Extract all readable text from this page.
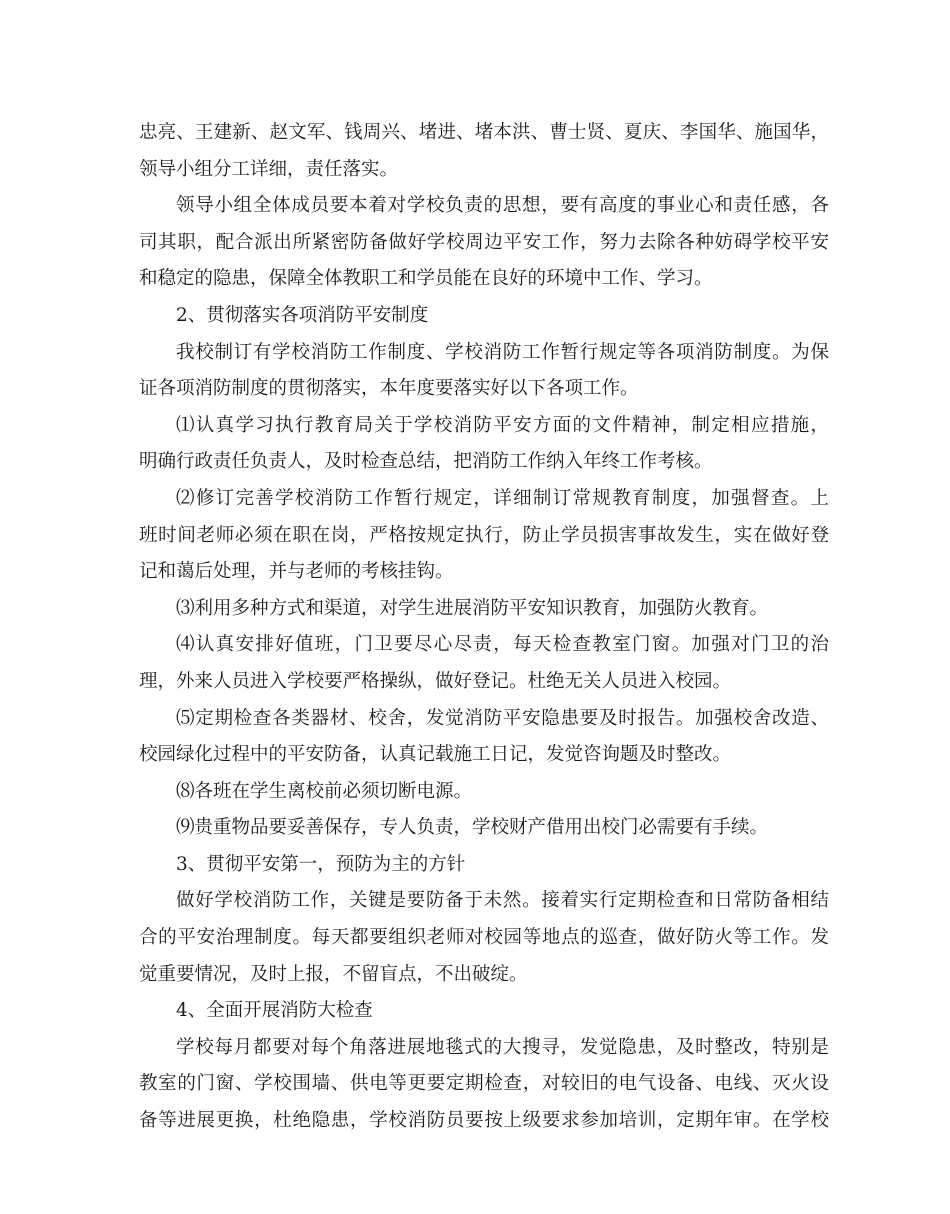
忠亮、王建新、赵文军、钱周兴、堵进、堵本洪、曹士贤、夏庆、李国华、施国华，
领导小组分工详细，责任落实。
领导小组全体成员要本着对学校负责的思想，要有高度的事业心和责任感，各
司其职，配合派出所紧密防备做好学校周边平安工作，努力去除各种妨碍学校平安
和稳定的隐患，保障全体教职工和学员能在良好的环境中工作、学习。
2、贯彻落实各项消防平安制度
我校制订有学校消防工作制度、学校消防工作暂行规定等各项消防制度。为保
证各项消防制度的贯彻落实，本年度要落实好以下各项工作。
⑴认真学习执行教育局关于学校消防平安方面的文件精神，制定相应措施，
明确行政责任负责人，及时检查总结，把消防工作纳入年终工作考核。
⑵修订完善学校消防工作暂行规定，详细制订常规教育制度，加强督查。上
班时间老师必须在职在岗，严格按规定执行，防止学员损害事故发生，实在做好登
记和蔼后处理，并与老师的考核挂钩。
⑶利用多种方式和渠道，对学生进展消防平安知识教育，加强防火教育。
⑷认真安排好值班，门卫要尽心尽责，每天检查教室门窗。加强对门卫的治
理，外来人员进入学校要严格操纵，做好登记。杜绝无关人员进入校园。
⑸定期检查各类器材、校舍，发觉消防平安隐患要及时报告。加强校舍改造、
校园绿化过程中的平安防备，认真记载施工日记，发觉咨询题及时整改。
⑻各班在学生离校前必须切断电源。
⑼贵重物品要妥善保存，专人负责，学校财产借用出校门必需要有手续。
3、贯彻平安第一，预防为主的方针
做好学校消防工作，关键是要防备于未然。接着实行定期检查和日常防备相结
合的平安治理制度。每天都要组织老师对校园等地点的巡查，做好防火等工作。发
觉重要情况，及时上报，不留盲点，不出破绽。
4、全面开展消防大检查
学校每月都要对每个角落进展地毯式的大搜寻，发觉隐患，及时整改，特别是
教室的门窗、学校围墙、供电等更要定期检查，对较旧的电气设备、电线、灭火设
备等进展更换，杜绝隐患，学校消防员要按上级要求参加培训，定期年审。在学校
